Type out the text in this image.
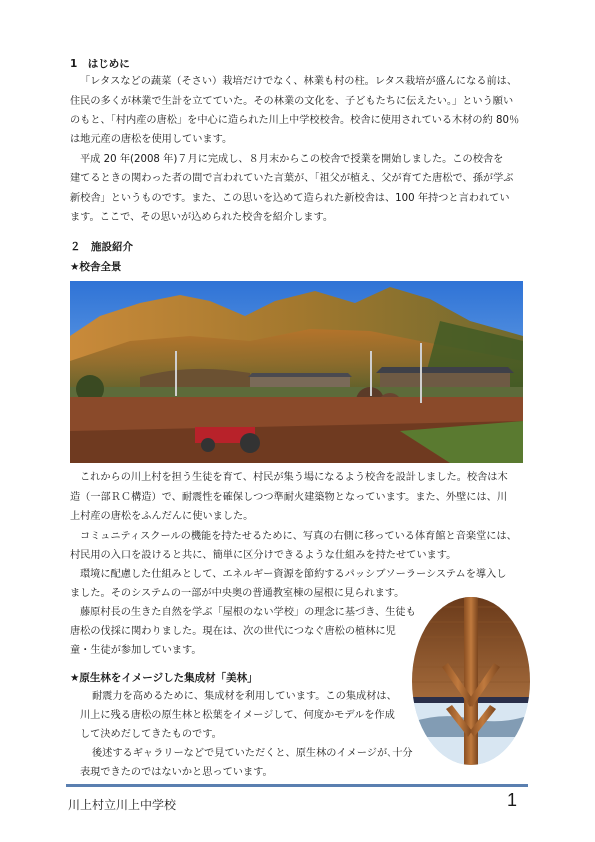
1　はじめに
「レタスなどの蔬菜（そさい）栽培だけでなく、林業も村の柱。レタス栽培が盛んになる前は、
住民の多くが林業で生計を立てていた。その林業の文化を、子どもたちに伝えたい。」という願い
のもと、「村内産の唐松」を中心に造られた川上中学校校舎。校舎に使用されている木材の約 80％
は地元産の唐松を使用しています。
平成 20 年(2008 年)７月に完成し、８月末からこの校舎で授業を開始しました。この校舎を
建てるときの関わった者の間で言われていた言葉が、「祖父が植え、父が育てた唐松で、孫が学ぶ
新校舎」というものです。また、この思いを込めて造られた新校舎は、100 年持つと言われてい
ます。ここで、その思いが込められた校舎を紹介します。
２　施設紹介
★校舎全景
これからの川上村を担う生徒を育て、村民が集う場になるよう校舎を設計しました。校舎は木
造（一部ＲＣ構造）で、耐震性を確保しつつ準耐火建築物となっています。また、外壁には、川
上村産の唐松をふんだんに使いました。
コミュニティスクールの機能を持たせるために、写真の右側に移っている体育館と音楽堂には、
村民用の入口を設けると共に、簡単に区分けできるような仕組みを持たせています。
環境に配慮した仕組みとして、エネルギー資源を節約するパッシブソーラーシステムを導入し
ました。そのシステムの一部が中央奥の普通教室棟の屋根に見られます。
藤原村長の生きた自然を学ぶ「屋根のない学校」の理念に基づき、生徒も
唐松の伐採に関わりました。現在は、次の世代につなぐ唐松の植林に児
童・生徒が参加しています。
★原生林をイメージした集成材「美林」
耐震力を高めるために、集成材を利用しています。この集成材は、
川上に残る唐松の原生林と松葉をイメージして、何度かモデルを作成
して決めだしてきたものです。
後述するギャラリーなどで見ていただくと、原生林のイメージが､十分
表現できたのではないかと思っています。
川上村立川上中学校	1
